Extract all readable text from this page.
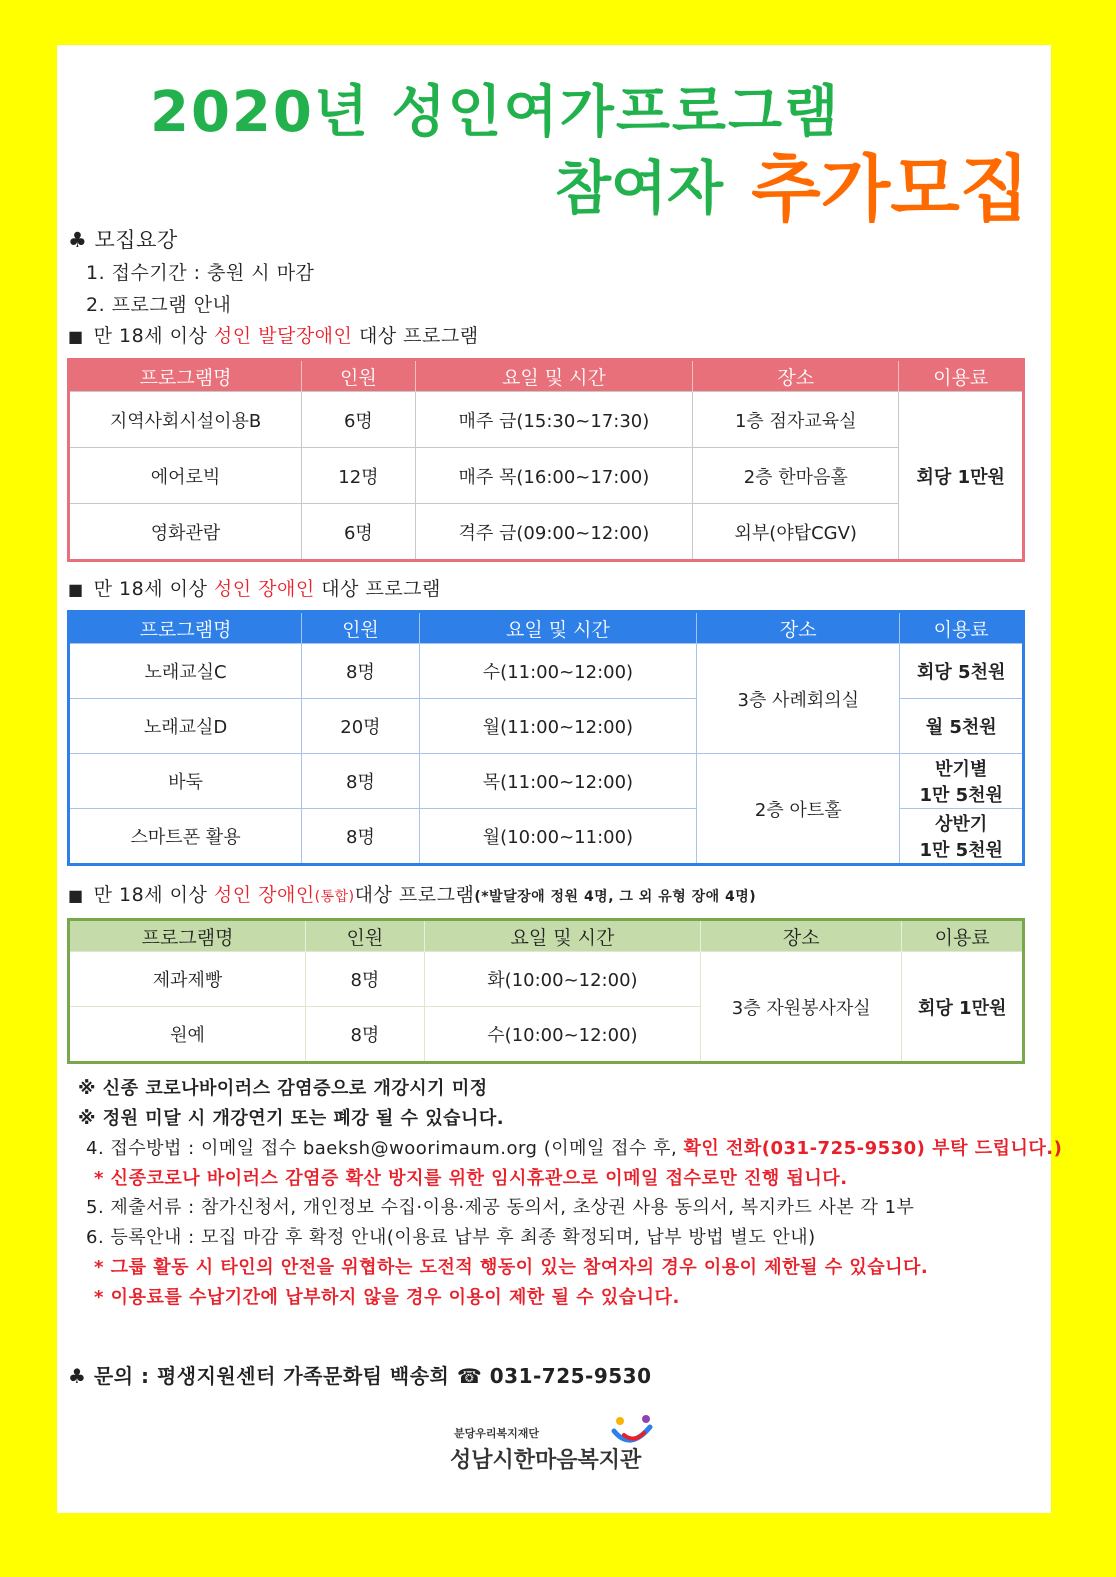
2020년 성인여가프로그램
참여자 추가모집
♣ 모집요강
1. 접수기간 : 충원 시 마감
2. 프로그램 안내
■ 만 18세 이상 성인 발달장애인 대상 프로그램
프로그램명	인원	요일 및 시간	장소	이용료
지역사회시설이용B	6명	매주 금(15:30~17:30)	1층 점자교육실	회당 1만원
에어로빅	12명	매주 목(16:00~17:00)	2층 한마음홀	
영화관람	6명	격주 금(09:00~12:00)	외부(야탑CGV)	
■ 만 18세 이상 성인 장애인 대상 프로그램
프로그램명	인원	요일 및 시간	장소	이용료
노래교실C	8명	수(11:00~12:00)	3층 사례회의실	회당 5천원
노래교실D	20명	월(11:00~12:00)		월 5천원
바둑	8명	목(11:00~12:00)	2층 아트홀	반기별
1만 5천원

스마트폰 활용	8명	월(10:00~11:00)		상반기
1만 5천원
■ 만 18세 이상 성인 장애인(통합)대상 프로그램(*발달장애 정원 4명, 그 외 유형 장애 4명)
프로그램명	인원	요일 및 시간	장소	이용료
제과제빵	8명	화(10:00~12:00)	3층 자원봉사자실	회당 1만원
원예	8명	수(10:00~12:00)		
※ 신종 코로나바이러스 감염증으로 개강시기 미정
※ 정원 미달 시 개강연기 또는 폐강 될 수 있습니다.
4. 접수방법 : 이메일 접수 baeksh@woorimaum.org (이메일 접수 후, 확인 전화(031-725-9530) 부탁 드립니다.)
* 신종코로나 바이러스 감염증 확산 방지를 위한 임시휴관으로 이메일 접수로만 진행 됩니다.
5. 제출서류 : 참가신청서, 개인정보 수집·이용·제공 동의서, 초상권 사용 동의서, 복지카드 사본 각 1부
6. 등록안내 : 모집 마감 후 확정 안내(이용료 납부 후 최종 확정되며, 납부 방법 별도 안내)
* 그룹 활동 시 타인의 안전을 위협하는 도전적 행동이 있는 참여자의 경우 이용이 제한될 수 있습니다.
* 이용료를 수납기간에 납부하지 않을 경우 이용이 제한 될 수 있습니다.
♣ 문의 : 평생지원센터 가족문화팀 백송희 ☎ 031-725-9530
분당우리복지재단
성남시한마음복지관
